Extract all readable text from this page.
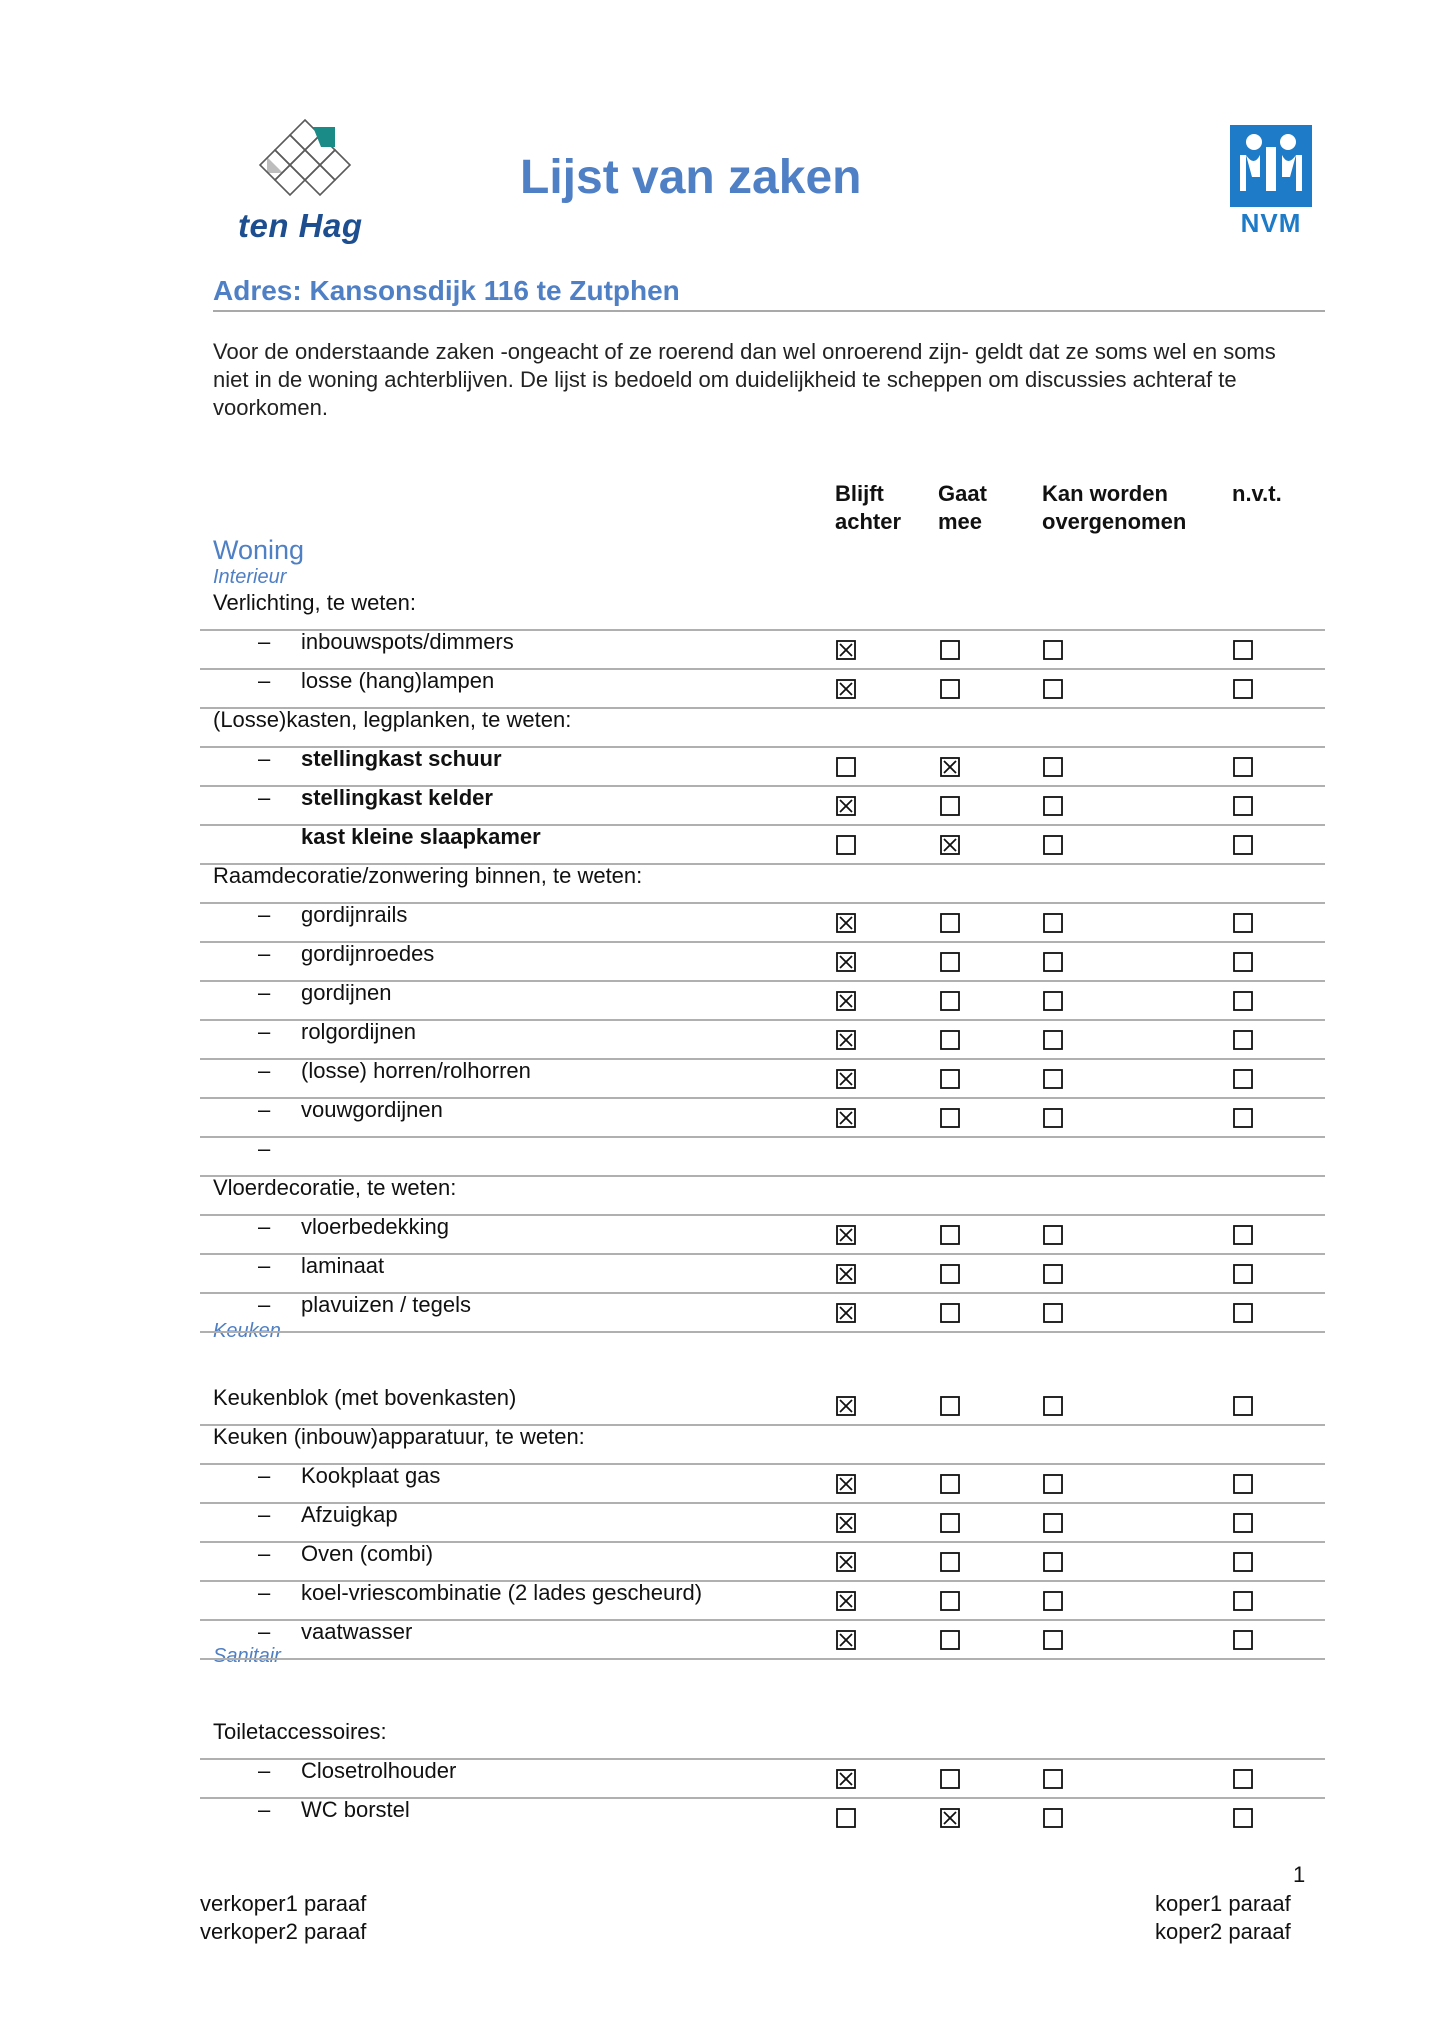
ten Hag
Lijst van zaken
NVM
Adres: Kansonsdijk 116 te Zutphen
Voor de onderstaande zaken -ongeacht of ze roerend dan wel onroerend zijn- geldt dat ze soms wel en soms niet in de woning achterblijven. De lijst is bedoeld om duidelijkheid te scheppen om discussies achteraf te voorkomen.
Blijft
achter
Gaat
mee
Kan worden
overgenomen
n.v.t.
Woning
Interieur
Keuken
Sanitair
Verlichting, te weten:
– inbouwspots/dimmers
– losse (hang)lampen
(Losse)kasten, legplanken, te weten:
– stellingkast schuur
– stellingkast kelder
kast kleine slaapkamer
Raamdecoratie/zonwering binnen, te weten:
– gordijnrails
– gordijnroedes
– gordijnen
– rolgordijnen
– (losse) horren/rolhorren
– vouwgordijnen
–
Vloerdecoratie, te weten:
– vloerbedekking
– laminaat
– plavuizen / tegels
Keukenblok (met bovenkasten)
Keuken (inbouw)apparatuur, te weten:
– Kookplaat gas
– Afzuigkap
– Oven (combi)
– koel-vriescombinatie (2 lades gescheurd)
– vaatwasser
Toiletaccessoires:
– Closetrolhouder
– WC borstel
1
verkoper1 paraaf
verkoper2 paraaf
koper1 paraaf
koper2 paraaf
